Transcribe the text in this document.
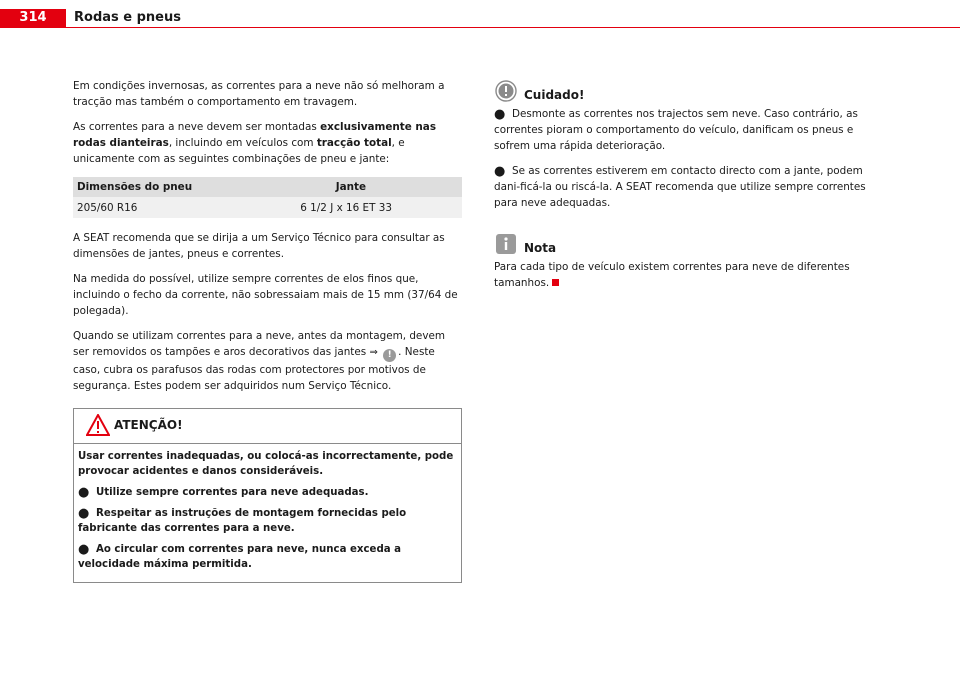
314	Rodas e pneus

Em condições invernosas, as correntes para a neve não só melhoram a tracção mas também o comportamento em travagem.

As correntes para a neve devem ser montadas exclusivamente nas rodas dianteiras, incluindo em veículos com tracção total, e unicamente com as seguintes combinações de pneu e jante:

Dimensões do pneu	Jante
205/60 R16	6 1/2 J x 16 ET 33

A SEAT recomenda que se dirija a um Serviço Técnico para consultar as dimensões de jantes, pneus e correntes.

Na medida do possível, utilize sempre correntes de elos finos que, incluindo o fecho da corrente, não sobressaiam mais de 15 mm (37/64 de polegada).

Quando se utilizam correntes para a neve, antes da montagem, devem ser removidos os tampões e aros decorativos das jantes ⇒ ! . Neste caso, cubra os parafusos das rodas com protectores por motivos de segurança. Estes podem ser adquiridos num Serviço Técnico.

ATENÇÃO!

Usar correntes inadequadas, ou colocá-as incorrectamente, pode provocar acidentes e danos consideráveis.

● Utilize sempre correntes para neve adequadas.

● Respeitar as instruções de montagem fornecidas pelo fabricante das correntes para a neve.

● Ao circular com correntes para neve, nunca exceda a velocidade máxima permitida.

Cuidado!

● Desmonte as correntes nos trajectos sem neve. Caso contrário, as correntes pioram o comportamento do veículo, danificam os pneus e sofrem uma rápida deterioração.

● Se as correntes estiverem em contacto directo com a jante, podem dani-ficá-la ou riscá-la. A SEAT recomenda que utilize sempre correntes para neve adequadas.

Nota

Para cada tipo de veículo existem correntes para neve de diferentes tamanhos.
